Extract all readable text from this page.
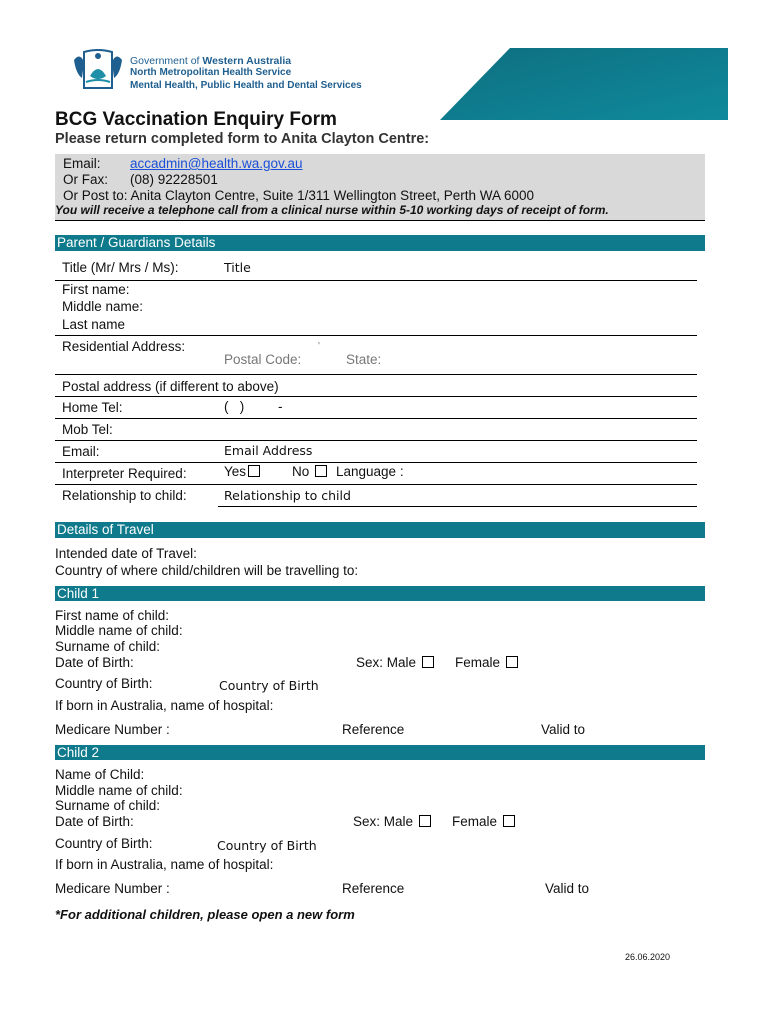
Government of Western Australia
North Metropolitan Health Service
Mental Health, Public Health and Dental Services
BCG Vaccination Enquiry Form
Please return completed form to Anita Clayton Centre:
Email: accadmin@health.wa.gov.au
Or Fax: (08) 92228501
Or Post to: Anita Clayton Centre, Suite 1/311 Wellington Street, Perth WA 6000
You will receive a telephone call from a clinical nurse within 5-10 working days of receipt of form.
Parent / Guardians Details
Title (Mr/ Mrs / Ms):	Title
First name:
Middle name:
Last name
Residential Address:	'
Postal Code:	State:
Postal address (if different to above)
Home Tel:	(   )         -
Mob Tel:
Email:	Email Address
Interpreter Required:	Yes	No	Language :
Relationship to child:	Relationship to child
Details of Travel
Intended date of Travel:
Country of where child/children will be travelling to:
Child 1
First name of child:
Middle name of child:
Surname of child:
Date of Birth:	Sex: Male	Female
Country of Birth:	Country of Birth
If born in Australia, name of hospital:
Medicare Number :	Reference	Valid to
Child 2
Name of Child:
Middle name of child:
Surname of child:
Date of Birth:	Sex: Male	Female
Country of Birth:	Country of Birth
If born in Australia, name of hospital:
Medicare Number :	Reference	Valid to
*For additional children, please open a new form
26.06.2020
